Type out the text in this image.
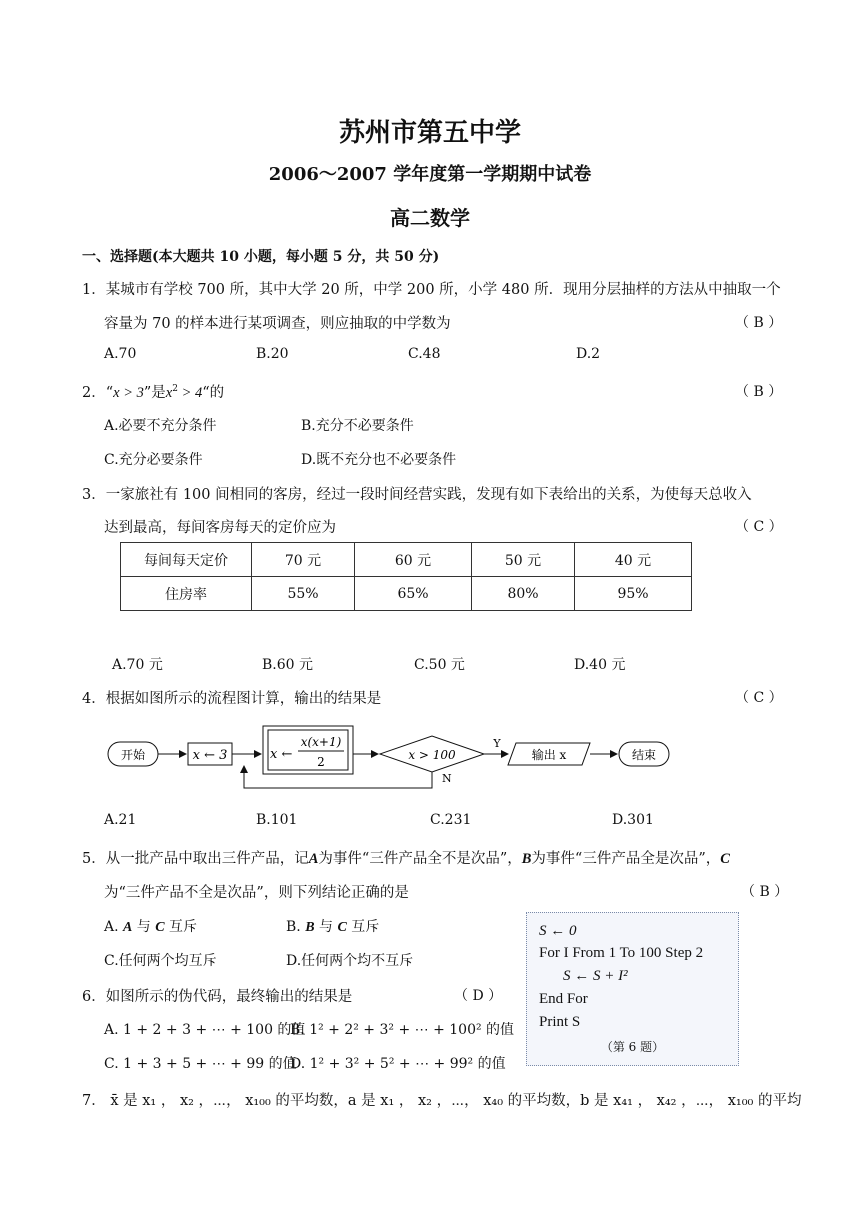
苏州市第五中学
2006～2007 学年度第一学期期中试卷
高二数学
一、选择题(本大题共 10 小题，每小题 5 分，共 50 分)
1．某城市有学校 700 所，其中大学 20 所，中学 200 所，小学 480 所．现用分层抽样的方法从中抽取一个
容量为 70 的样本进行某项调查，则应抽取的中学数为	（ B ）
A.70	B.20	C.48	D.2
2．“x > 3”是$x^2$ > 4“的	（ B ）
A.必要不充分条件	B.充分不必要条件
C.充分必要条件	D.既不充分也不必要条件
3．一家旅社有 100 间相同的客房，经过一段时间经营实践，发现有如下表给出的关系，为使每天总收入
达到最高，每间客房每天的定价应为	（ C ）
每间每天定价	70 元	60 元	50 元	40 元
住房率	55%	65%	80%	95%
A.70 元	B.60 元	C.50 元	D.40 元
4．根据如图所示的流程图计算，输出的结果是	（ C ）
开始	x ← 3	x ←
x(x+1)
2	x > 100
Y
输出 x	结束
N
A.21	B.101	C.231	D.301
5．从一批产品中取出三件产品，记A为事件“三件产品全不是次品”，B为事件“三件产品全是次品”，C
为“三件产品不全是次品”，则下列结论正确的是	（ B ）
A. A 与 C 互斥	B. B 与 C 互斥
C.任何两个均互斥	D.任何两个均不互斥
6．如图所示的伪代码，最终输出的结果是	（ D ）
A. 1 + 2 + 3 + ⋯ + 100 的值
B. 1² + 2² + 3² + ⋯ + 100² 的值
C. 1 + 3 + 5 + ⋯ + 99 的值
D. 1² + 3² + 5² + ⋯ + 99² 的值
S ← 0
For I From 1 To 100 Step 2
S ← S + I²
End For
Print S
（第 6 题）
7． x̄ 是 x₁ ， x₂ ，⋯， x₁₀₀ 的平均数，a 是 x₁ ， x₂ ，⋯， x₄₀ 的平均数，b 是 x₄₁ ， x₄₂ ，⋯， x₁₀₀ 的平均
